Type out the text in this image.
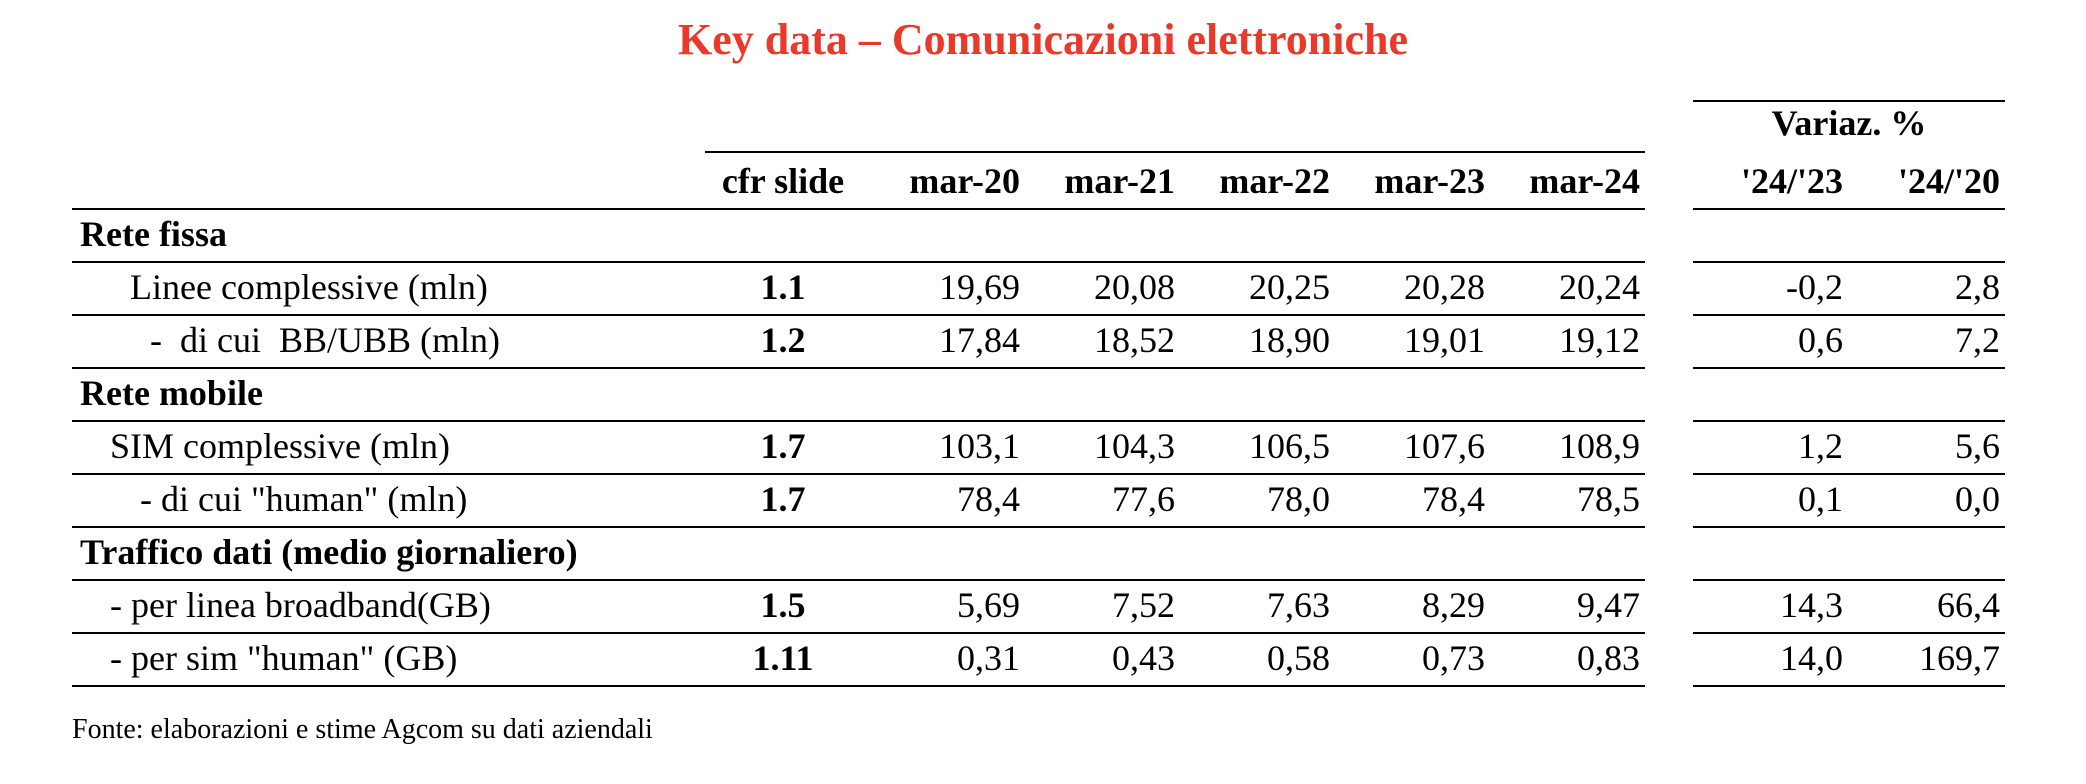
Key data – Comunicazioni elettroniche
Variaz. %
cfr slide	mar-20	mar-21	mar-22	mar-23	mar-24	'24/'23	'24/'20
Rete fissa
Linee complessive (mln)	1.1	19,69	20,08	20,25	20,28	20,24	-0,2	2,8
-  di cui  BB/UBB (mln)	1.2	17,84	18,52	18,90	19,01	19,12	0,6	7,2
Rete mobile
SIM complessive (mln)	1.7	103,1	104,3	106,5	107,6	108,9	1,2	5,6
- di cui "human" (mln)	1.7	78,4	77,6	78,0	78,4	78,5	0,1	0,0
Traffico dati (medio giornaliero)
- per linea broadband(GB)	1.5	5,69	7,52	7,63	8,29	9,47	14,3	66,4
- per sim "human" (GB)	1.11	0,31	0,43	0,58	0,73	0,83	14,0	169,7
Fonte: elaborazioni e stime Agcom su dati aziendali
